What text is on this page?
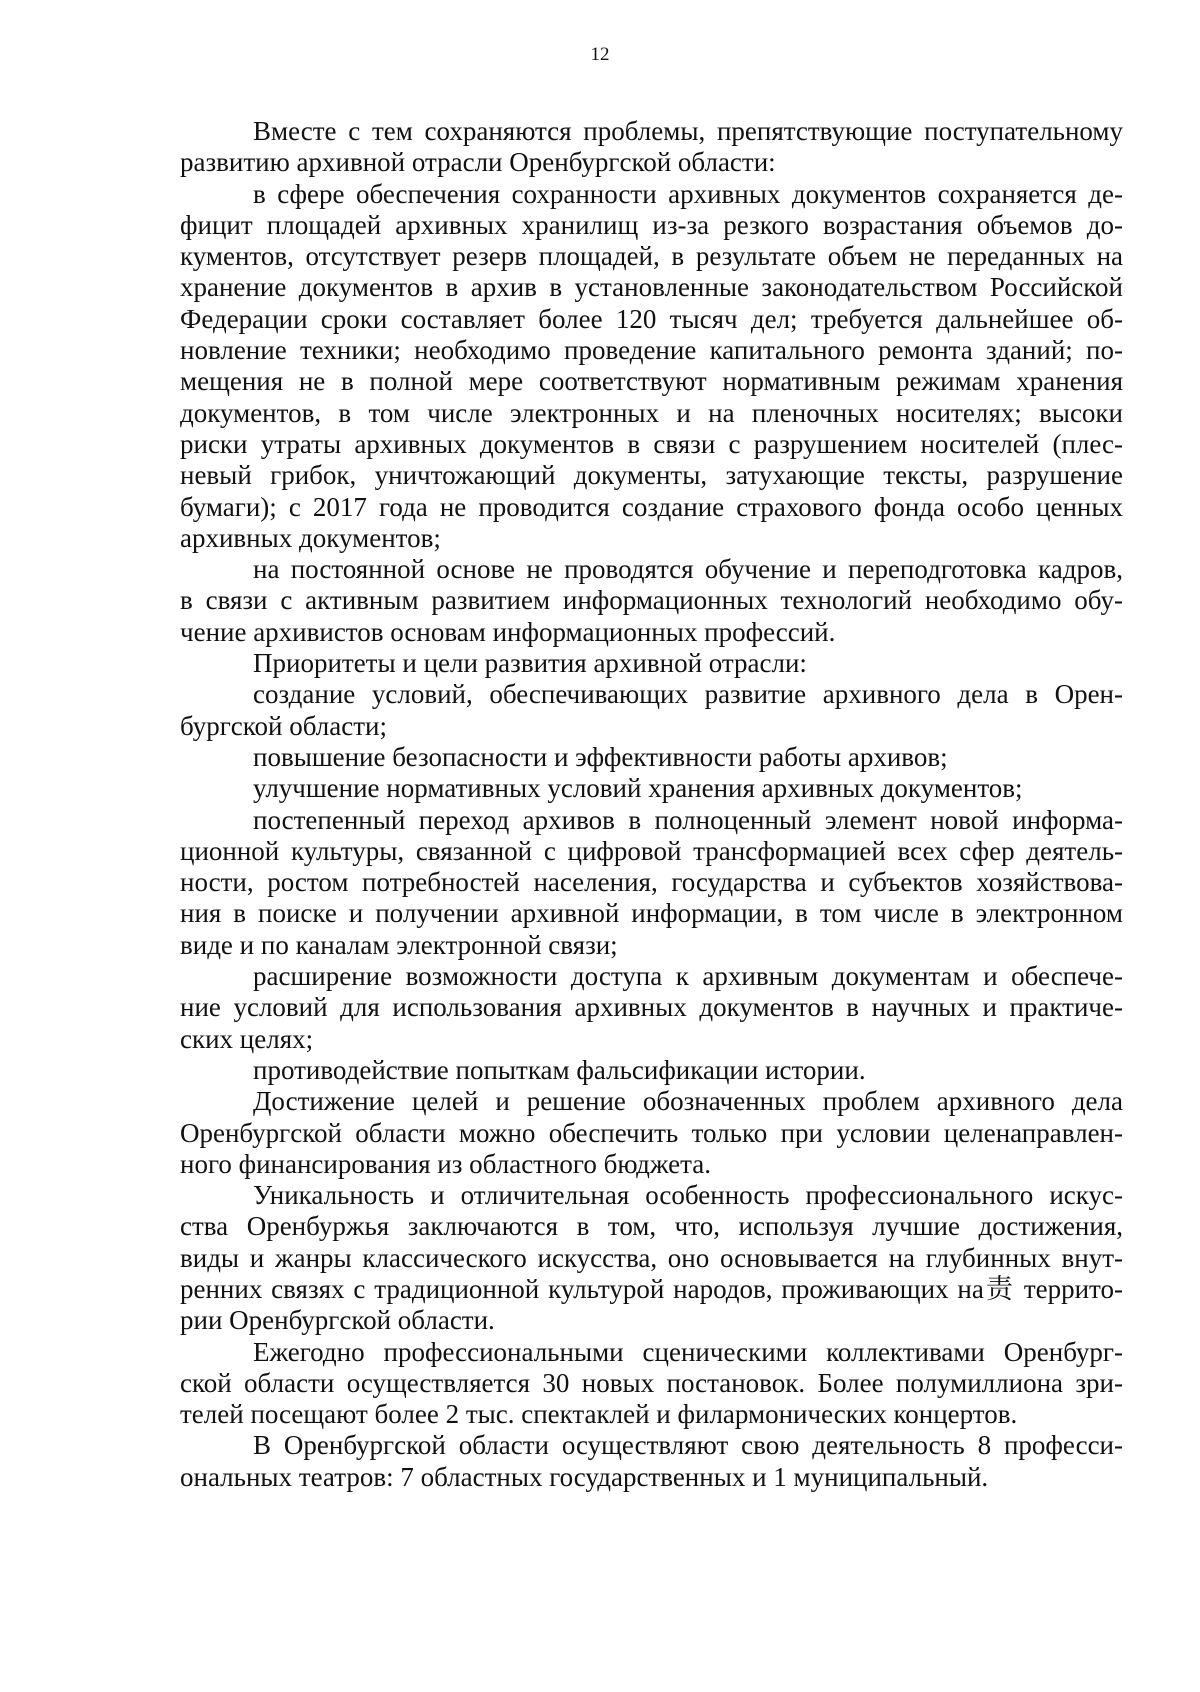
12
Вместе с тем сохраняются проблемы, препятствующие поступательному
развитию архивной отрасли Оренбургской области:
в сфере обеспечения сохранности архивных документов сохраняется де-
фицит площадей архивных хранилищ из-за резкого возрастания объемов до-
кументов, отсутствует резерв площадей, в результате объем не переданных на
хранение документов в архив в установленные законодательством Российской
Федерации сроки составляет более 120 тысяч дел; требуется дальнейшее об-
новление техники; необходимо проведение капитального ремонта зданий; по-
мещения не в полной мере соответствуют нормативным режимам хранения
документов, в том числе электронных и на пленочных носителях; высоки
риски утраты архивных документов в связи с разрушением носителей (плес-
невый грибок, уничтожающий документы, затухающие тексты, разрушение
бумаги); с 2017 года не проводится создание страхового фонда особо ценных
архивных документов;
на постоянной основе не проводятся обучение и переподготовка кадров,
в связи с активным развитием информационных технологий необходимо обу-
чение архивистов основам информационных профессий.
Приоритеты и цели развития архивной отрасли:
создание условий, обеспечивающих развитие архивного дела в Орен-
бургской области;
повышение безопасности и эффективности работы архивов;
улучшение нормативных условий хранения архивных документов;
постепенный переход архивов в полноценный элемент новой информа-
ционной культуры, связанной с цифровой трансформацией всех сфер деятель-
ности, ростом потребностей населения, государства и субъектов хозяйствова-
ния в поиске и получении архивной информации, в том числе в электронном
виде и по каналам электронной связи;
расширение возможности доступа к архивным документам и обеспече-
ние условий для использования архивных документов в научных и практиче-
ских целях;
противодействие попыткам фальсификации истории.
Достижение целей и решение обозначенных проблем архивного дела
Оренбургской области можно обеспечить только при условии целенаправлен-
ного финансирования из областного бюджета.
Уникальность и отличительная особенность профессионального искус-
ства Оренбуржья заключаются в том, что, используя лучшие достижения,
виды и жанры классического искусства, оно основывается на глубинных внут-
ренних связях с традиционной культурой народов, проживающих на责 террито-
рии Оренбургской области.
Ежегодно профессиональными сценическими коллективами Оренбург-
ской области осуществляется 30 новых постановок. Более полумиллиона зри-
телей посещают более 2 тыс. спектаклей и филармонических концертов.
В Оренбургской области осуществляют свою деятельность 8 професси-
ональных театров: 7 областных государственных и 1 муниципальный.
